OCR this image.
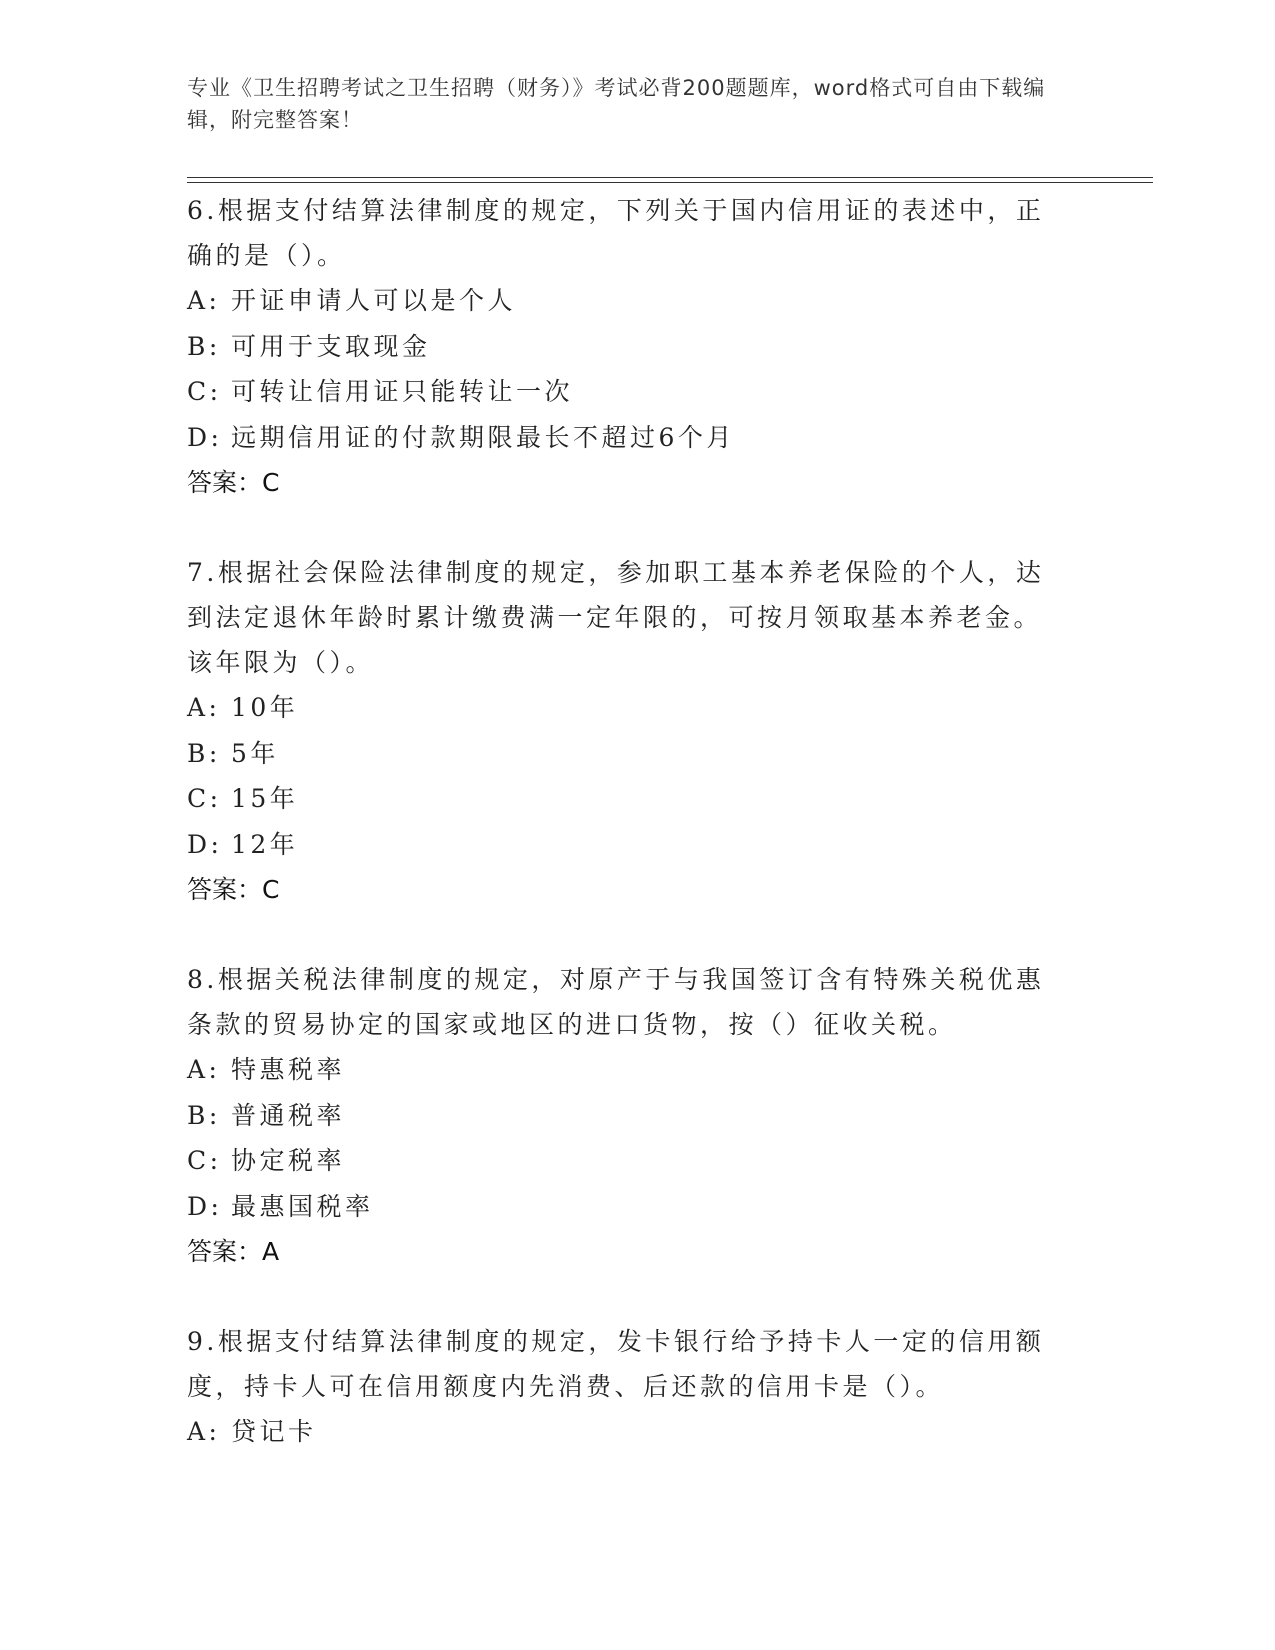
专业《卫生招聘考试之卫生招聘（财务）》考试必背200题题库，word格式可自由下载编辑，附完整答案！

6.根据支付结算法律制度的规定，下列关于国内信用证的表述中，正确的是（）。

A: 开证申请人可以是个人

B: 可用于支取现金

C: 可转让信用证只能转让一次

D: 远期信用证的付款期限最长不超过6个月

答案：C

7.根据社会保险法律制度的规定，参加职工基本养老保险的个人，达到法定退休年龄时累计缴费满一定年限的，可按月领取基本养老金。该年限为（）。

A: 10年

B: 5年

C: 15年

D: 12年

答案：C

8.根据关税法律制度的规定，对原产于与我国签订含有特殊关税优惠条款的贸易协定的国家或地区的进口货物，按（）征收关税。

A: 特惠税率

B: 普通税率

C: 协定税率

D: 最惠国税率

答案：A

9.根据支付结算法律制度的规定，发卡银行给予持卡人一定的信用额度，持卡人可在信用额度内先消费、后还款的信用卡是（）。

A: 贷记卡
